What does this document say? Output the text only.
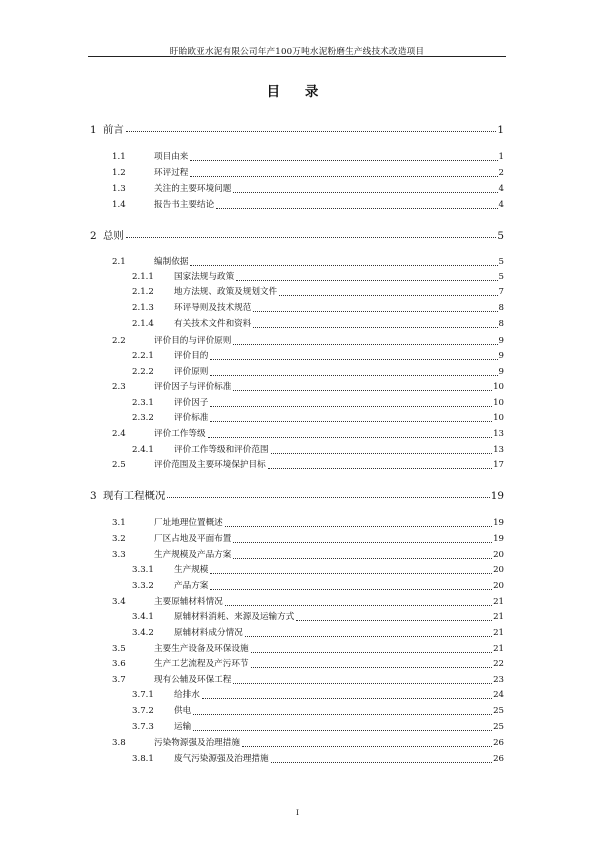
盱眙欧亚水泥有限公司年产100万吨水泥粉磨生产线技术改造项目
目 录
1 前言	1
1.1	项目由来	1
1.2	环评过程	2
1.3	关注的主要环境问题	4
1.4	报告书主要结论	4
2 总则	5
2.1	编制依据	5
2.1.1	国家法规与政策	5
2.1.2	地方法规、政策及规划文件	7
2.1.3	环评导则及技术规范	8
2.1.4	有关技术文件和资料	8
2.2	评价目的与评价原则	9
2.2.1	评价目的	9
2.2.2	评价原则	9
2.3	评价因子与评价标准	10
2.3.1	评价因子	10
2.3.2	评价标准	10
2.4	评价工作等级	13
2.4.1	评价工作等级和评价范围	13
2.5	评价范围及主要环境保护目标	17
3 现有工程概况	19
3.1	厂址地理位置概述	19
3.2	厂区占地及平面布置	19
3.3	生产规模及产品方案	20
3.3.1	生产规模	20
3.3.2	产品方案	20
3.4	主要原辅材料情况	21
3.4.1	原辅材料消耗、来源及运输方式	21
3.4.2	原辅材料成分情况	21
3.5	主要生产设备及环保设施	21
3.6	生产工艺流程及产污环节	22
3.7	现有公辅及环保工程	23
3.7.1	给排水	24
3.7.2	供电	25
3.7.3	运输	25
3.8	污染物源强及治理措施	26
3.8.1	废气污染源强及治理措施	26
I
